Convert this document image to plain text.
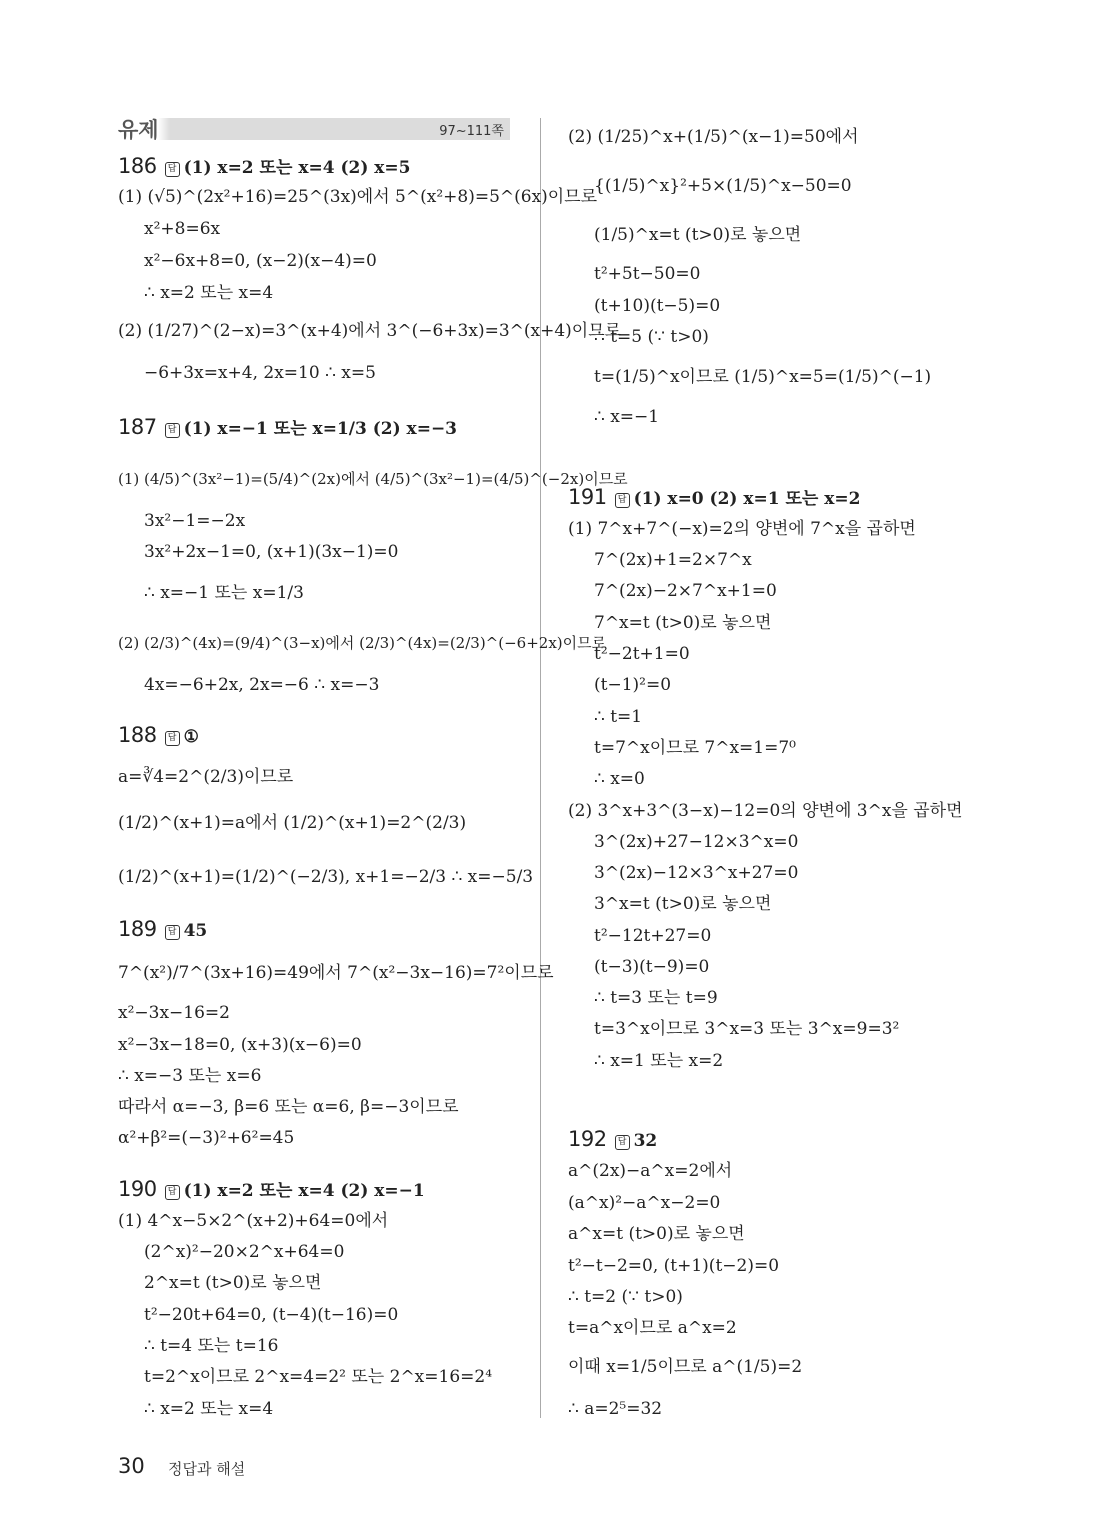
97~111쪽
유제
186 답 (1) x=2 또는 x=4 (2) x=5
(1) (√5)^(2x²+16)=25^(3x)에서 5^(x²+8)=5^(6x)이므로
x²+8=6x
x²−6x+8=0, (x−2)(x−4)=0
∴ x=2 또는 x=4
(2) (1/27)^(2−x)=3^(x+4)에서 3^(−6+3x)=3^(x+4)이므로
−6+3x=x+4, 2x=10 ∴ x=5
187 답 (1) x=−1 또는 x=1/3 (2) x=−3
(1) (4/5)^(3x²−1)=(5/4)^(2x)에서 (4/5)^(3x²−1)=(4/5)^(−2x)이므로
3x²−1=−2x
3x²+2x−1=0, (x+1)(3x−1)=0
∴ x=−1 또는 x=1/3
(2) (2/3)^(4x)=(9/4)^(3−x)에서 (2/3)^(4x)=(2/3)^(−6+2x)이므로
4x=−6+2x, 2x=−6 ∴ x=−3
188 답 ①
a=∛4=2^(2/3)이므로
(1/2)^(x+1)=a에서 (1/2)^(x+1)=2^(2/3)
(1/2)^(x+1)=(1/2)^(−2/3), x+1=−2/3 ∴ x=−5/3
189 답 45
7^(x²)/7^(3x+16)=49에서 7^(x²−3x−16)=7²이므로
x²−3x−16=2
x²−3x−18=0, (x+3)(x−6)=0
∴ x=−3 또는 x=6
따라서 α=−3, β=6 또는 α=6, β=−3이므로
α²+β²=(−3)²+6²=45
190 답 (1) x=2 또는 x=4 (2) x=−1
(1) 4^x−5×2^(x+2)+64=0에서
(2^x)²−20×2^x+64=0
2^x=t (t>0)로 놓으면
t²−20t+64=0, (t−4)(t−16)=0
∴ t=4 또는 t=16
t=2^x이므로 2^x=4=2² 또는 2^x=16=2⁴
∴ x=2 또는 x=4
(2) (1/25)^x+(1/5)^(x−1)=50에서
{(1/5)^x}²+5×(1/5)^x−50=0
(1/5)^x=t (t>0)로 놓으면
t²+5t−50=0
(t+10)(t−5)=0
∴ t=5 (∵ t>0)
t=(1/5)^x이므로 (1/5)^x=5=(1/5)^(−1)
∴ x=−1
191 답 (1) x=0 (2) x=1 또는 x=2
(1) 7^x+7^(−x)=2의 양변에 7^x을 곱하면
7^(2x)+1=2×7^x
7^(2x)−2×7^x+1=0
7^x=t (t>0)로 놓으면
t²−2t+1=0
(t−1)²=0
∴ t=1
t=7^x이므로 7^x=1=7⁰
∴ x=0
(2) 3^x+3^(3−x)−12=0의 양변에 3^x을 곱하면
3^(2x)+27−12×3^x=0
3^(2x)−12×3^x+27=0
3^x=t (t>0)로 놓으면
t²−12t+27=0
(t−3)(t−9)=0
∴ t=3 또는 t=9
t=3^x이므로 3^x=3 또는 3^x=9=3²
∴ x=1 또는 x=2
192 답 32
a^(2x)−a^x=2에서
(a^x)²−a^x−2=0
a^x=t (t>0)로 놓으면
t²−t−2=0, (t+1)(t−2)=0
∴ t=2 (∵ t>0)
t=a^x이므로 a^x=2
이때 x=1/5이므로 a^(1/5)=2
∴ a=2⁵=32
30 정답과 해설
